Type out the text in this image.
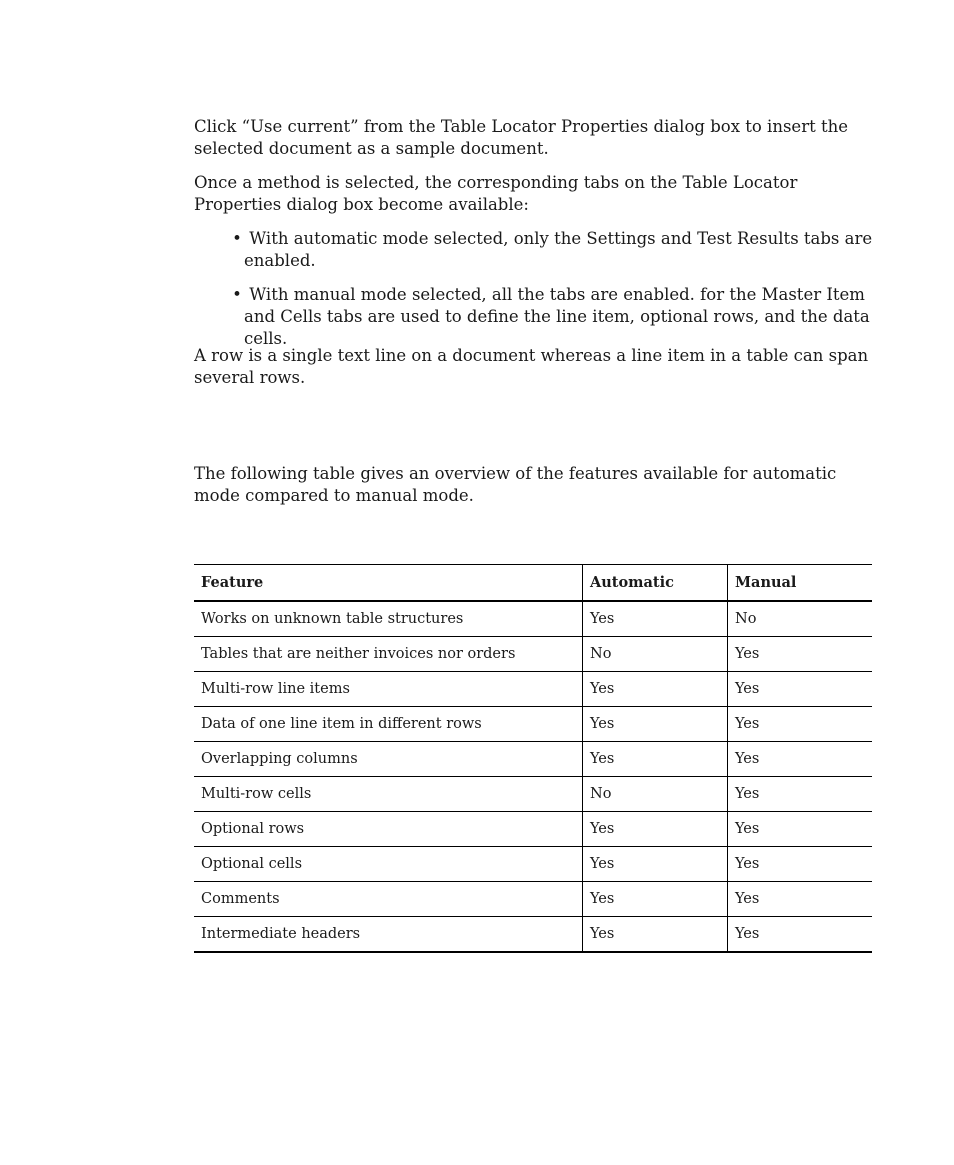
Click “Use current” from the Table Locator Properties dialog box to insert the selected document as a sample document.

Once a method is selected, the corresponding tabs on the Table Locator Properties dialog box become available:

• With automatic mode selected, only the Settings and Test Results tabs are enabled.

• With manual mode selected, all the tabs are enabled. for the Master Item and Cells tabs are used to define the line item, optional rows, and the data cells.

A row is a single text line on a document whereas a line item in a table can span several rows.

The following table gives an overview of the features available for automatic mode compared to manual mode.

Feature	Automatic	Manual
Works on unknown table structures	Yes	No
Tables that are neither invoices nor orders	No	Yes
Multi-row line items	Yes	Yes
Data of one line item in different rows	Yes	Yes
Overlapping columns	Yes	Yes
Multi-row cells	No	Yes
Optional rows	Yes	Yes
Optional cells	Yes	Yes
Comments	Yes	Yes
Intermediate headers	Yes	Yes
